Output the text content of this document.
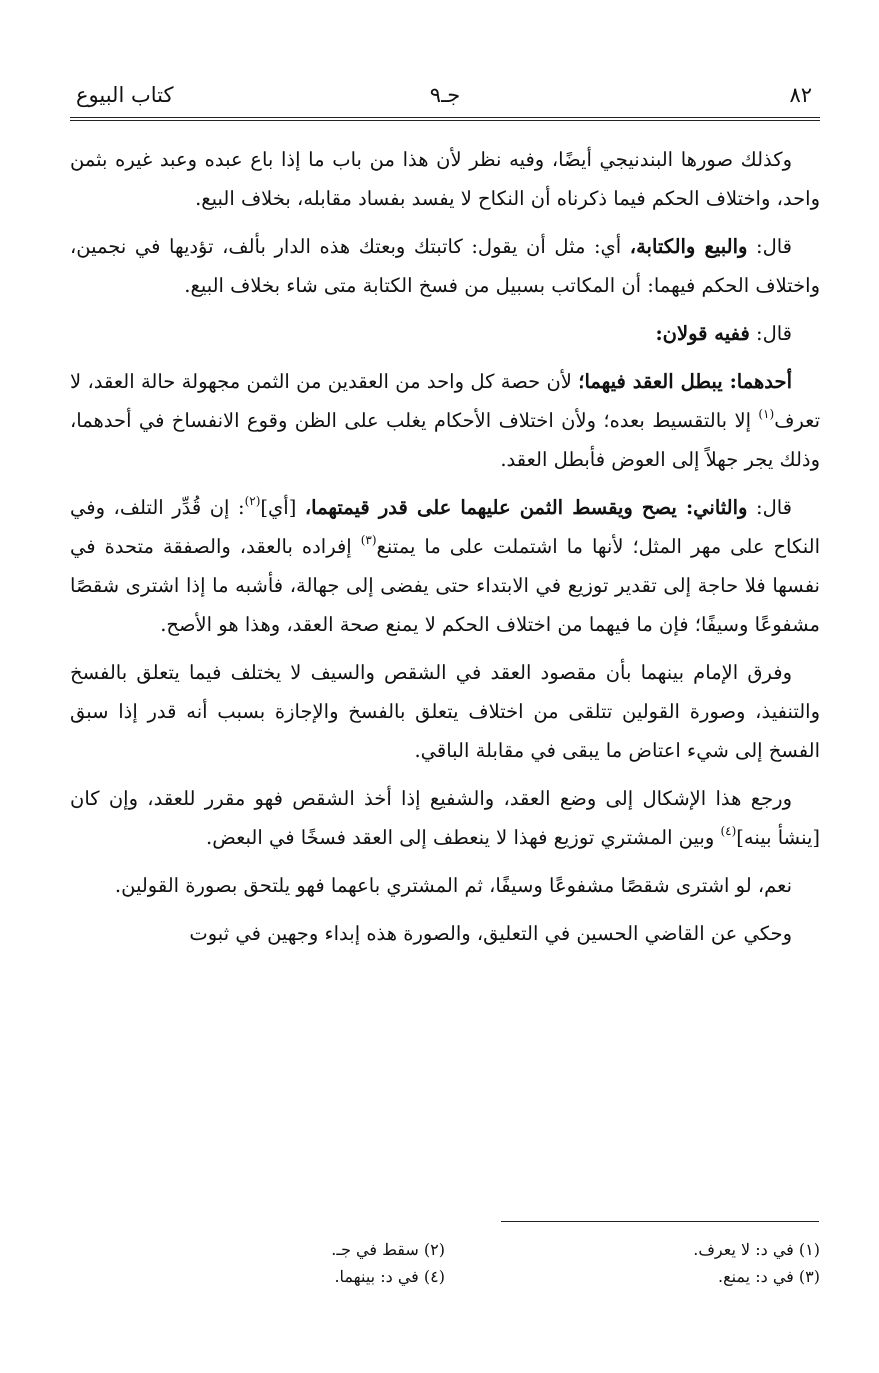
٨٢
جـ٩
كتاب البيوع

وكذلك صورها البندنيجي أيضًا، وفيه نظر لأن هذا من باب ما إذا باع عبده وعبد غيره بثمن واحد، واختلاف الحكم فيما ذكرناه أن النكاح لا يفسد بفساد مقابله، بخلاف البيع.

قال: والبيع والكتابة، أي: مثل أن يقول: كاتبتك وبعتك هذه الدار بألف، تؤديها في نجمين، واختلاف الحكم فيهما: أن المكاتب بسبيل من فسخ الكتابة متى شاء بخلاف البيع.

قال: ففيه قولان:

أحدهما: يبطل العقد فيهما؛ لأن حصة كل واحد من العقدين من الثمن مجهولة حالة العقد، لا تعرف$^{(١)}$ إلا بالتقسيط بعده؛ ولأن اختلاف الأحكام يغلب على الظن وقوع الانفساخ في أحدهما، وذلك يجر جهلاً إلى العوض فأبطل العقد.

قال: والثاني: يصح ويقسط الثمن عليهما على قدر قيمتهما، [أي]$^{(٢)}$: إن قُدِّر التلف، وفي النكاح على مهر المثل؛ لأنها ما اشتملت على ما يمتنع$^{(٣)}$ إفراده بالعقد، والصفقة متحدة في نفسها فلا حاجة إلى تقدير توزيع في الابتداء حتى يفضى إلى جهالة، فأشبه ما إذا اشترى شقصًا مشفوعًا وسيفًا؛ فإن ما فيهما من اختلاف الحكم لا يمنع صحة العقد، وهذا هو الأصح.

وفرق الإمام بينهما بأن مقصود العقد في الشقص والسيف لا يختلف فيما يتعلق بالفسخ والتنفيذ، وصورة القولين تتلقى من اختلاف يتعلق بالفسخ والإجازة بسبب أنه قدر إذا سبق الفسخ إلى شيء اعتاض ما يبقى في مقابلة الباقي.

ورجع هذا الإشكال إلى وضع العقد، والشفيع إذا أخذ الشقص فهو مقرر للعقد، وإن كان [ينشأ بينه]$^{(٤)}$ وبين المشتري توزيع فهذا لا ينعطف إلى العقد فسخًا في البعض.

نعم، لو اشترى شقصًا مشفوعًا وسيفًا، ثم المشتري باعهما فهو يلتحق بصورة القولين.

وحكي عن القاضي الحسين في التعليق، والصورة هذه إبداء وجهين في ثبوت

(١) في د: لا يعرف.
(٢) سقط في جـ.
(٣) في د: يمنع.
(٤) في د: بينهما.
